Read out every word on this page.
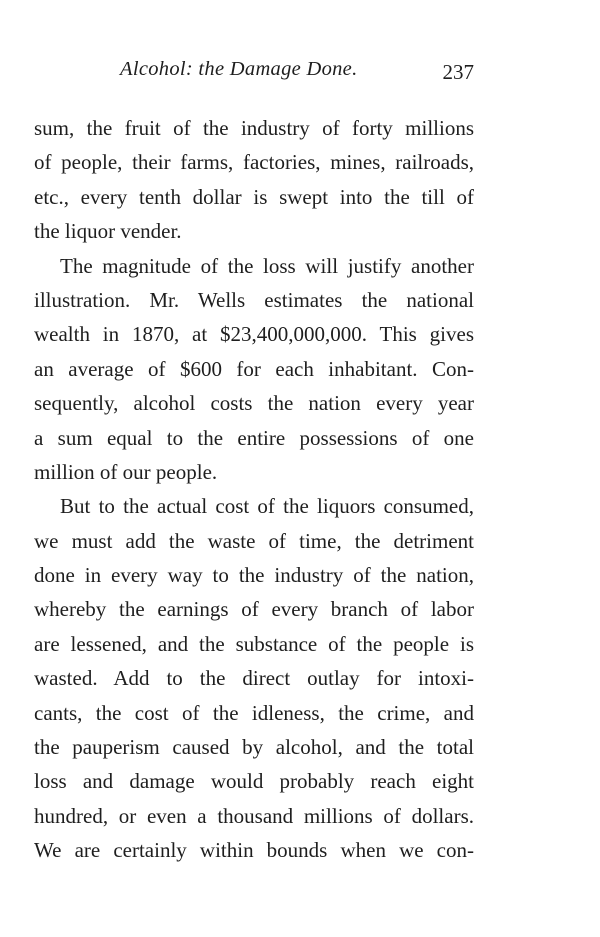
Alcohol: the Damage Done.	237
sum, the fruit of the industry of forty millions
of people, their farms, factories, mines, railroads,
etc., every tenth dollar is swept into the till of
the liquor vender.
The magnitude of the loss will justify another
illustration. Mr. Wells estimates the national
wealth in 1870, at $23,400,000,000. This gives
an average of $600 for each inhabitant. Con-
sequently, alcohol costs the nation every year
a sum equal to the entire possessions of one
million of our people.
But to the actual cost of the liquors consumed,
we must add the waste of time, the detriment
done in every way to the industry of the nation,
whereby the earnings of every branch of labor
are lessened, and the substance of the people is
wasted. Add to the direct outlay for intoxi-
cants, the cost of the idleness, the crime, and
the pauperism caused by alcohol, and the total
loss and damage would probably reach eight
hundred, or even a thousand millions of dollars.
We are certainly within bounds when we con-
